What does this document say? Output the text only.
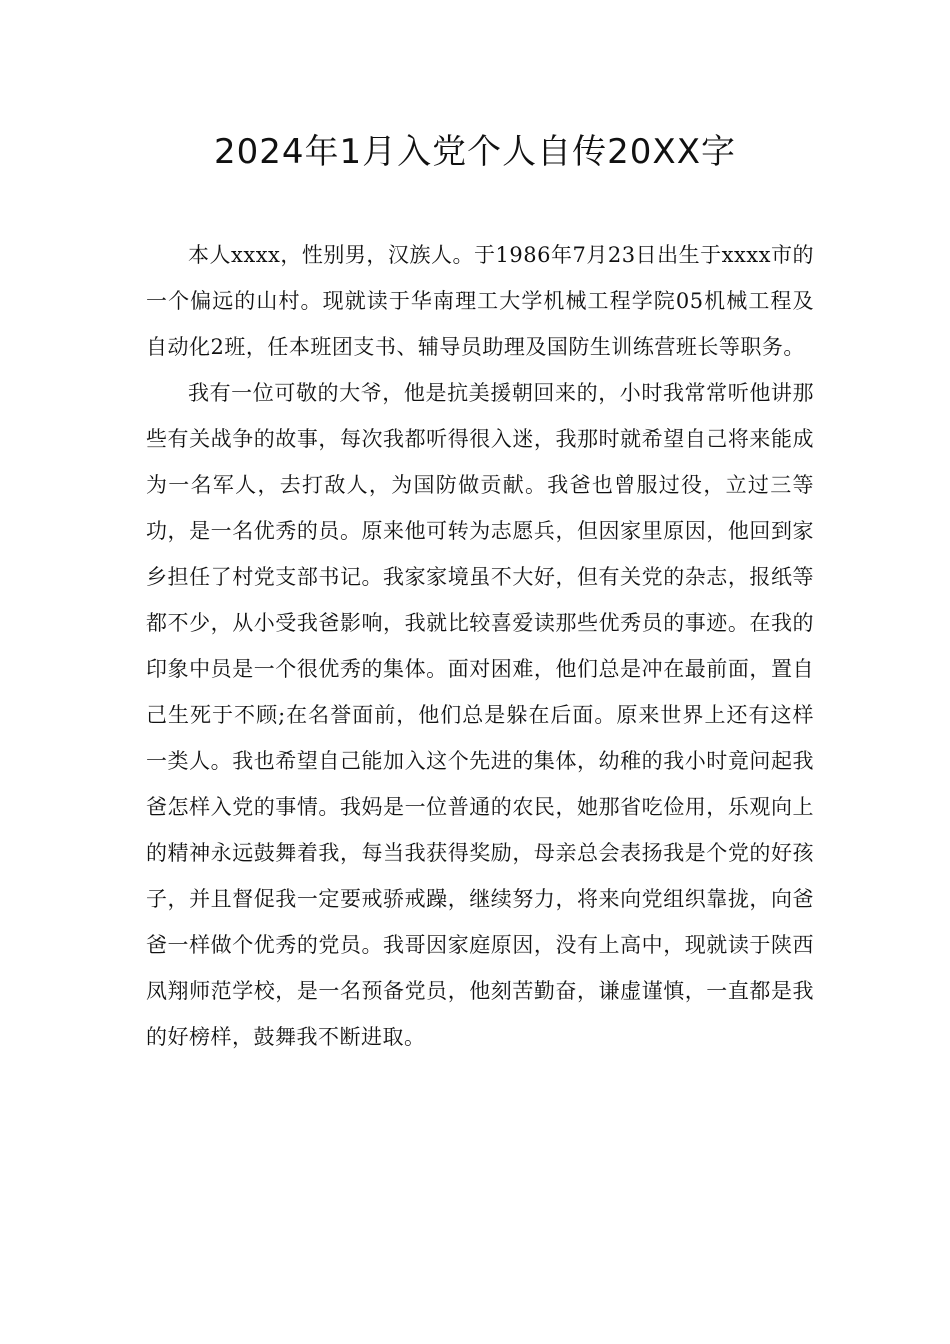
2024年1月入党个人自传20XX字

本人xxxx，性别男，汉族人。于1986年7月23日出生于xxxx市的一个偏远的山村。现就读于华南理工大学机械工程学院05机械工程及自动化2班，任本班团支书、辅导员助理及国防生训练营班长等职务。

我有一位可敬的大爷，他是抗美援朝回来的，小时我常常听他讲那些有关战争的故事，每次我都听得很入迷，我那时就希望自己将来能成为一名军人，去打敌人，为国防做贡献。我爸也曾服过役，立过三等功，是一名优秀的员。原来他可转为志愿兵，但因家里原因，他回到家乡担任了村党支部书记。我家家境虽不大好，但有关党的杂志，报纸等都不少，从小受我爸影响，我就比较喜爱读那些优秀员的事迹。在我的印象中员是一个很优秀的集体。面对困难，他们总是冲在最前面，置自己生死于不顾;在名誉面前，他们总是躲在后面。原来世界上还有这样一类人。我也希望自己能加入这个先进的集体，幼稚的我小时竟问起我爸怎样入党的事情。我妈是一位普通的农民，她那省吃俭用，乐观向上的精神永远鼓舞着我，每当我获得奖励，母亲总会表扬我是个党的好孩子，并且督促我一定要戒骄戒躁，继续努力，将来向党组织靠拢，向爸爸一样做个优秀的党员。我哥因家庭原因，没有上高中，现就读于陕西凤翔师范学校，是一名预备党员，他刻苦勤奋，谦虚谨慎，一直都是我的好榜样，鼓舞我不断进取。
